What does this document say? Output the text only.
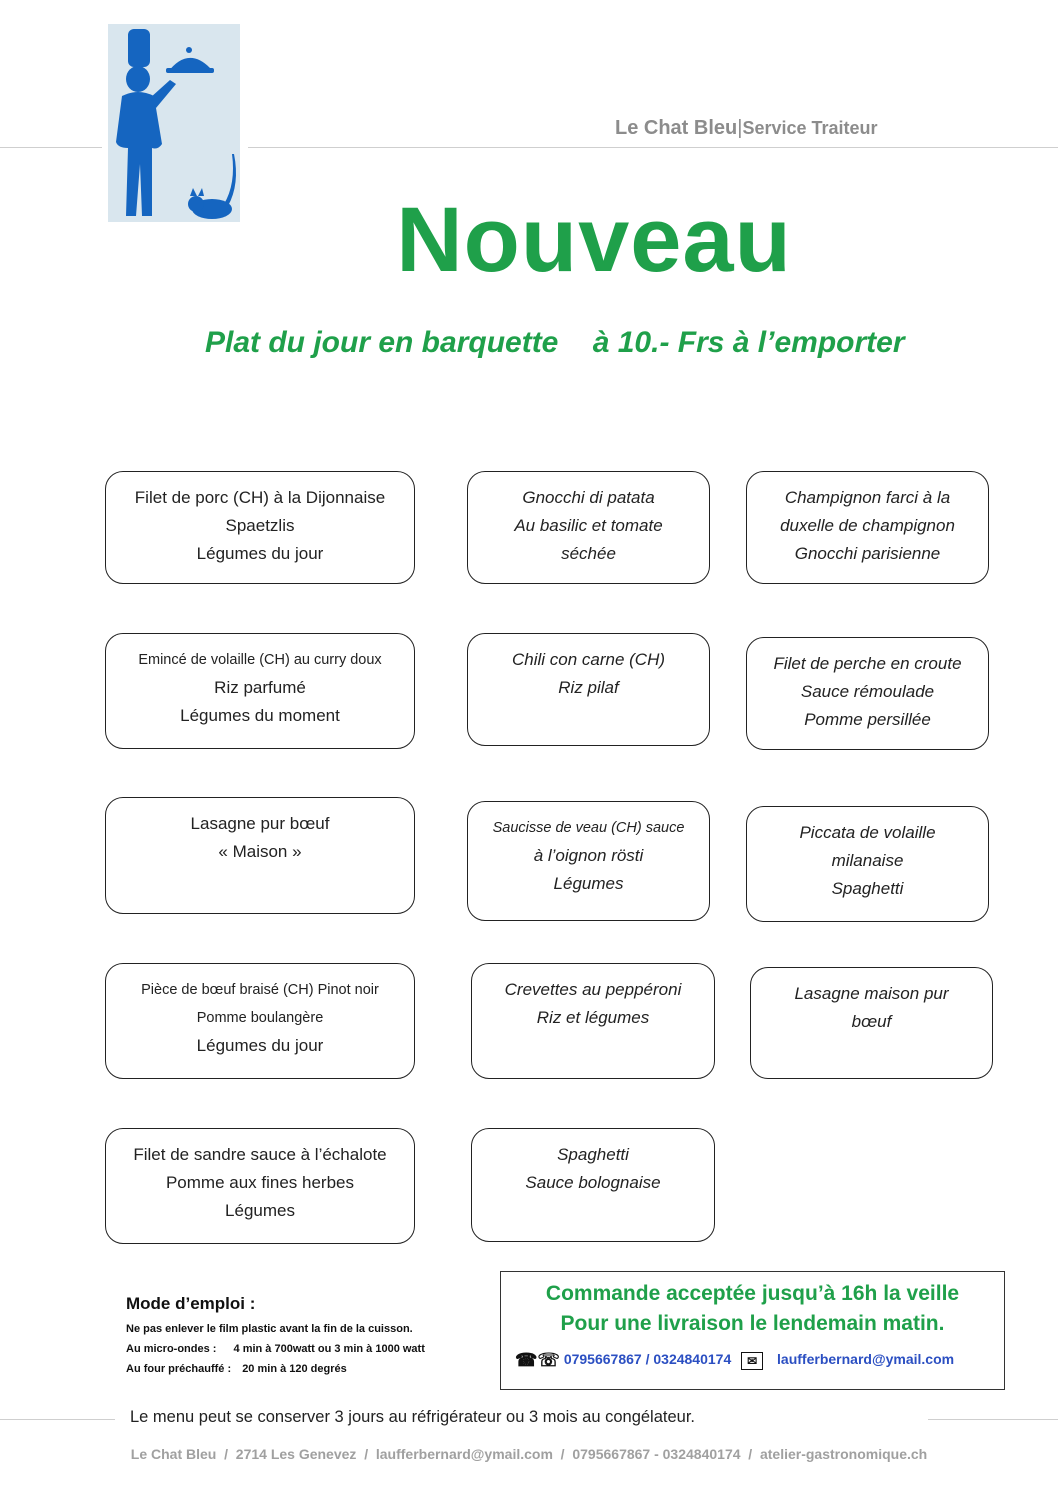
Le Chat Bleu|Service Traiteur
Nouveau
Plat du jour en barquette à 10.- Frs à l’emporter
Filet de porc (CH) à la Dijonnaise
Spaetzlis
Légumes du jour
Gnocchi di patata
Au basilic et tomate
séchée
Champignon farci à la
duxelle de champignon
Gnocchi parisienne
Emincé de volaille (CH) au curry doux
Riz parfumé
Légumes du moment
Chili con carne (CH)
Riz pilaf
Filet de perche en croute
Sauce rémoulade
Pomme persillée
Lasagne pur bœuf
« Maison »
Saucisse de veau (CH) sauce
à l’oignon rösti
Légumes
Piccata de volaille
milanaise
Spaghetti
Pièce de bœuf braisé (CH) Pinot noir
Pomme boulangère
Légumes du jour
Crevettes au peppéroni
Riz et légumes
Lasagne maison pur
bœuf
Filet de sandre sauce à l’échalote
Pomme aux fines herbes
Légumes
Spaghetti
Sauce bolognaise
Mode d’emploi :
Ne pas enlever le film plastic avant la fin de la cuisson.
Au micro-ondes : 4 min à 700watt ou 3 min à 1000 watt
Au four préchauffé : 20 min à 120 degrés
Commande acceptée jusqu’à 16h la veille
Pour une livraison le lendemain matin.
☎☏ 0795667867 / 0324840174 ✉ laufferbernard@ymail.com
Le menu peut se conserver 3 jours au réfrigérateur ou 3 mois au congélateur.
Le Chat Bleu  /  2714 Les Genevez  /  laufferbernard@ymail.com  /  0795667867 - 0324840174  /  atelier-gastronomique.ch
